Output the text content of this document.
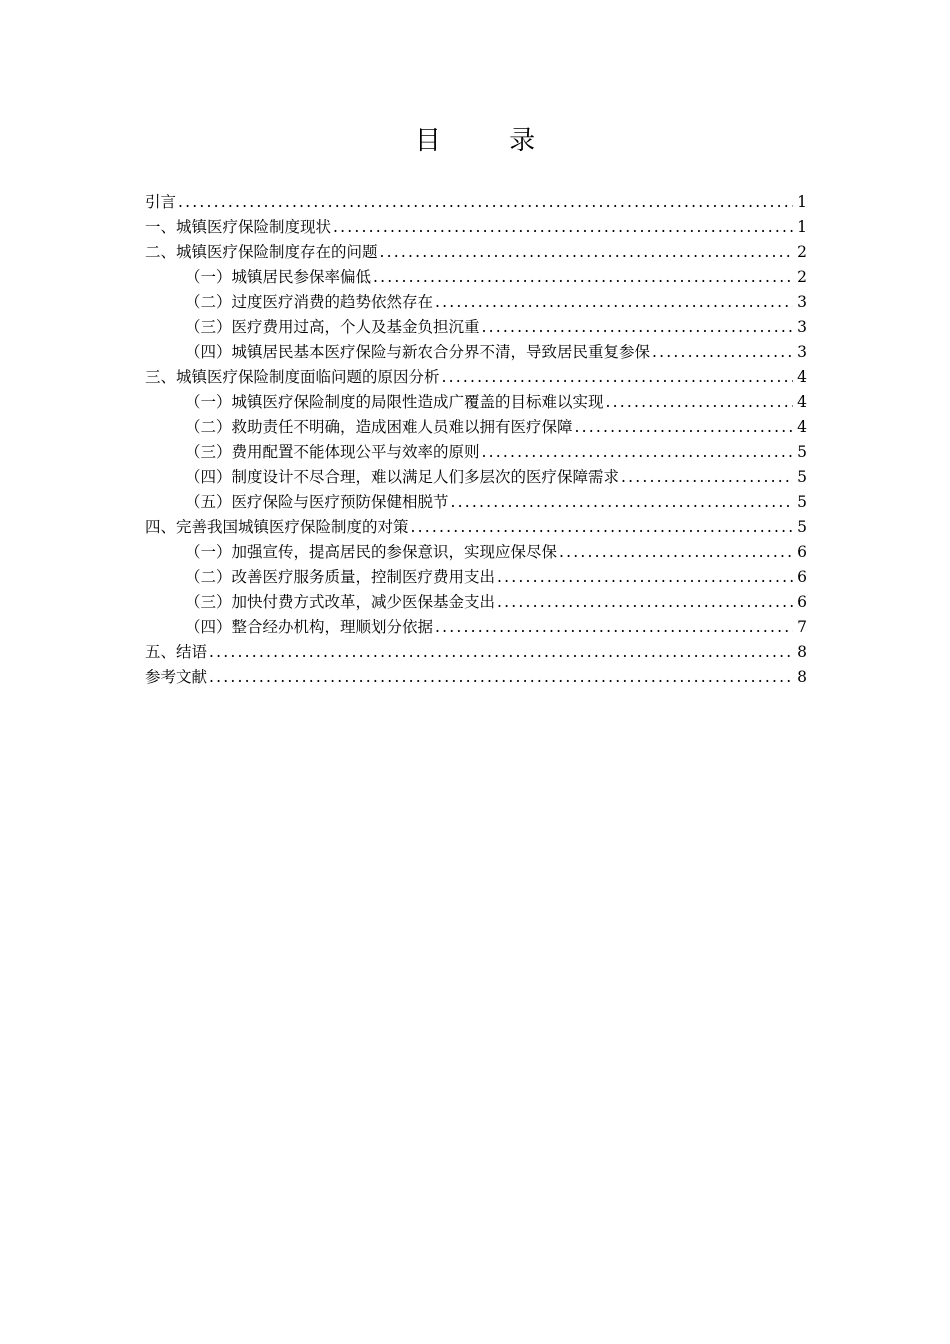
目 录
引言 .....	1
一、城镇医疗保险制度现状 .....	1
二、城镇医疗保险制度存在的问题 .....	2
（一）城镇居民参保率偏低 .....	2
（二）过度医疗消费的趋势依然存在 .....	3
（三）医疗费用过高，个人及基金负担沉重 .....	3
（四）城镇居民基本医疗保险与新农合分界不清，导致居民重复参保 .....	3
三、城镇医疗保险制度面临问题的原因分析 .....	4
（一）城镇医疗保险制度的局限性造成广覆盖的目标难以实现 .....	4
（二）救助责任不明确，造成困难人员难以拥有医疗保障 .....	4
（三）费用配置不能体现公平与效率的原则 .....	5
（四）制度设计不尽合理，难以满足人们多层次的医疗保障需求 .....	5
（五）医疗保险与医疗预防保健相脱节 .....	5
四、完善我国城镇医疗保险制度的对策 .....	5
（一）加强宣传，提高居民的参保意识，实现应保尽保 .....	6
（二）改善医疗服务质量，控制医疗费用支出 .....	6
（三）加快付费方式改革，减少医保基金支出 .....	6
（四）整合经办机构，理顺划分依据 .....	7
五、结语 .....	8
参考文献 .....	8
